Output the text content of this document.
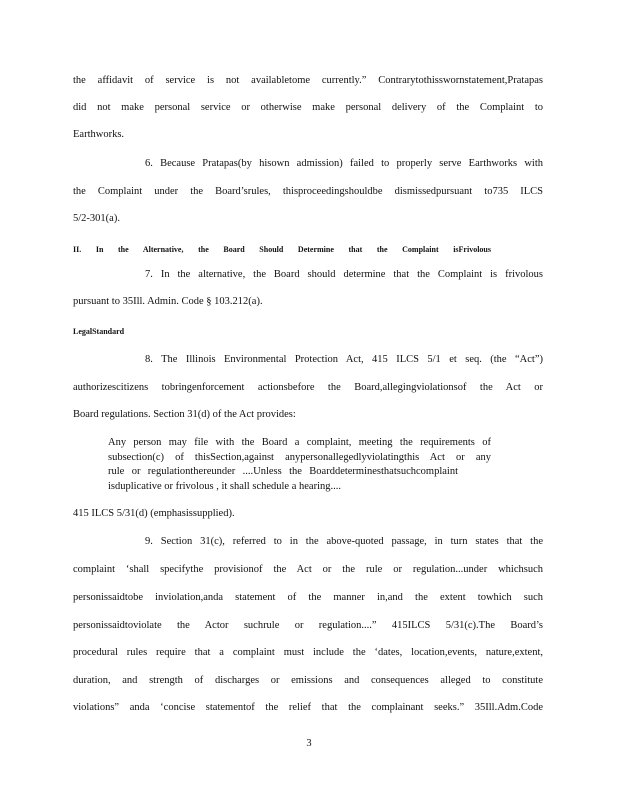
the affidavit of service is not availabletome currently.” Contrarytothisswornstatement,Pratapas
did not make personal service or otherwise make personal delivery of the Complaint to
Earthworks.
6. Because Pratapas(by hisown admission) failed to properly serve Earthworks with
the Complaint under the Board’srules, thisproceedingshouldbe dismissedpursuant to735 ILCS
5/2-301(a).
II. In the Alternative, the Board Should Determine that the Complaint isFrivolous
7. In the alternative, the Board should determine that the Complaint is frivolous
pursuant to 35Ill. Admin. Code § 103.212(a).
LegalStandard
8. The Illinois Environmental Protection Act, 415 ILCS 5/1 et seq. (the “Act”)
authorizescitizens tobringenforcement actionsbefore the Board,allegingviolationsof the Act or
Board regulations. Section 31(d) of the Act provides:
Any person may file with the Board a complaint, meeting the requirements of
subsection(c) of thisSection,against anypersonallegedlyviolatingthis Act or any
rule or regulationthereunder ....Unless the Boarddeterminesthatsuchcomplaint
isduplicative or frivolous , it shall schedule a hearing....
415 ILCS 5/31(d) (emphasissupplied).
9. Section 31(c), referred to in the above-quoted passage, in turn states that the
complaint ‘shall specifythe provisionof the Act or the rule or regulation...under whichsuch
personissaidtobe inviolation,anda statement of the manner in,and the extent towhich such
personissaidtoviolate the Actor suchrule or regulation....” 415ILCS 5/31(c).The Board’s
procedural rules require that a complaint must include the ‘dates, location,events, nature,extent,
duration, and strength of discharges or emissions and consequences alleged to constitute
violations” anda ‘concise statementof the relief that the complainant seeks.” 35Ill.Adm.Code
3
